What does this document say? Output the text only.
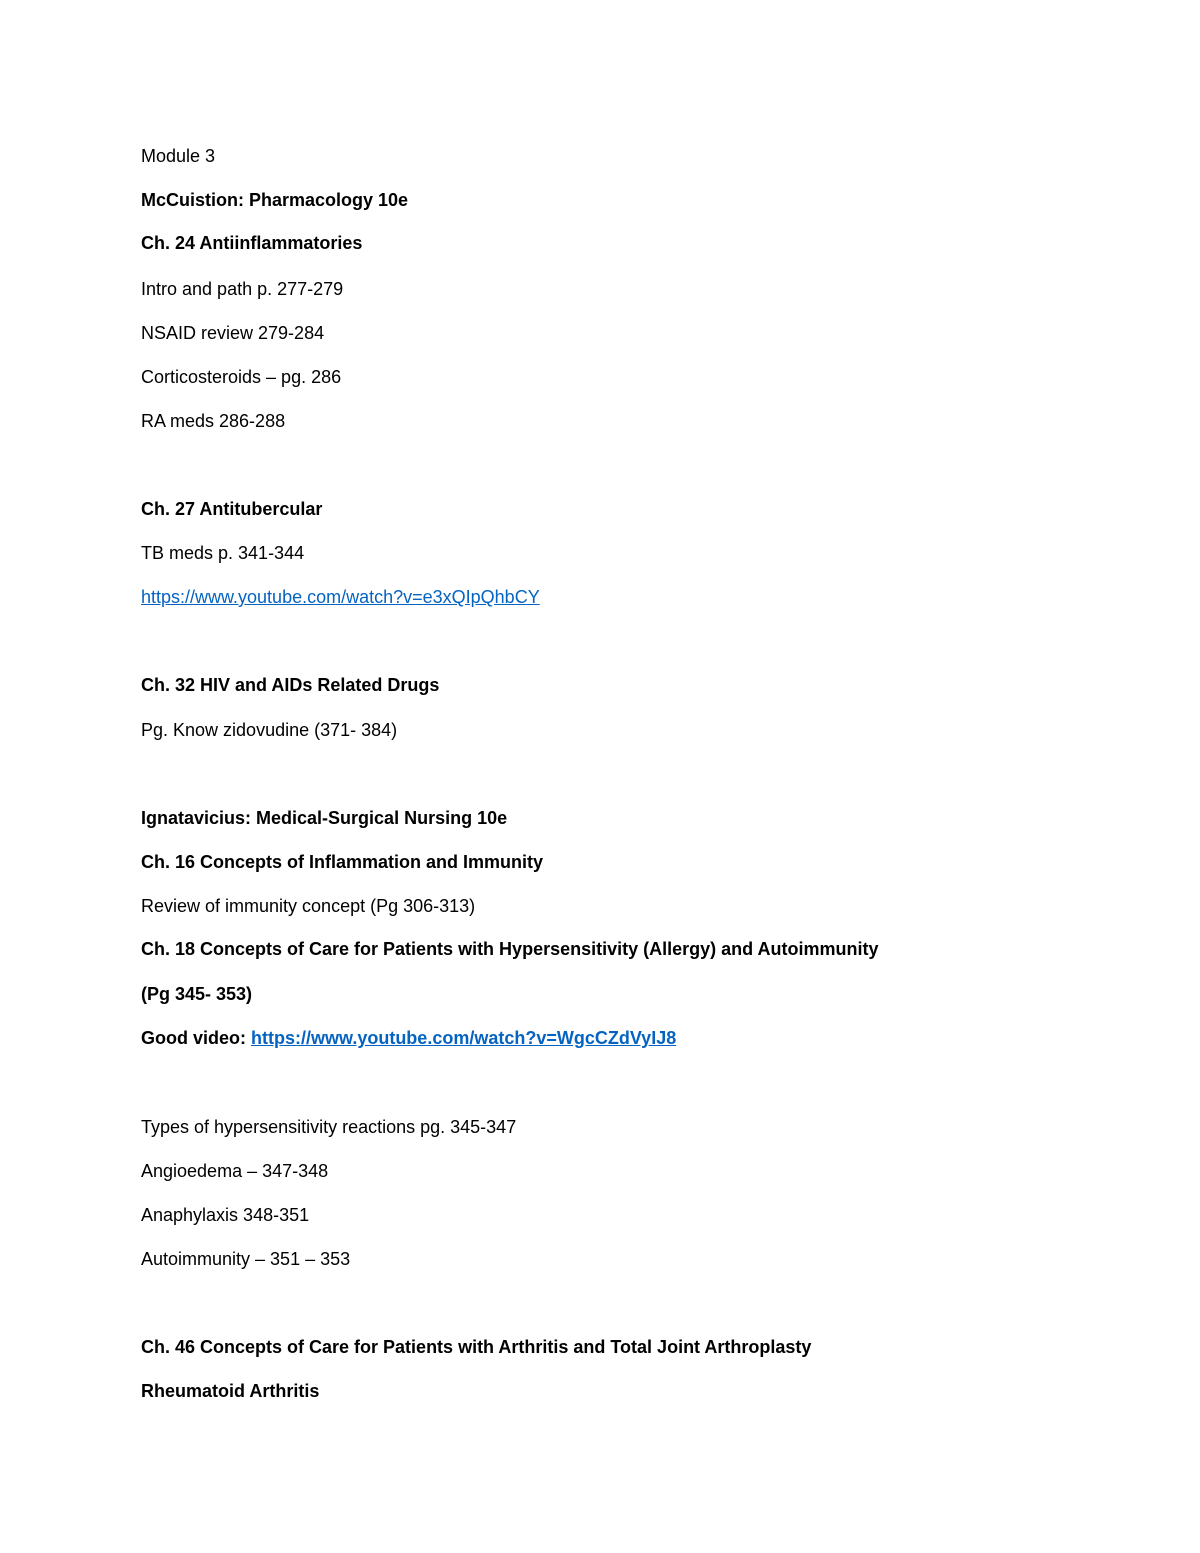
Module 3
McCuistion: Pharmacology 10e
Ch. 24 Antiinflammatories
Intro and path p. 277-279
NSAID review 279-284
Corticosteroids – pg. 286
RA meds 286-288
Ch. 27 Antitubercular
TB meds p. 341-344
https://www.youtube.com/watch?v=e3xQIpQhbCY
Ch. 32 HIV and AIDs Related Drugs
Pg. Know zidovudine (371- 384)
Ignatavicius: Medical-Surgical Nursing 10e
Ch. 16 Concepts of Inflammation and Immunity
Review of immunity concept (Pg 306-313)
Ch. 18 Concepts of Care for Patients with Hypersensitivity (Allergy) and Autoimmunity
(Pg 345- 353)
Good video: https://www.youtube.com/watch?v=WgcCZdVyIJ8
Types of hypersensitivity reactions pg. 345-347
Angioedema – 347-348
Anaphylaxis 348-351
Autoimmunity – 351 – 353
Ch. 46 Concepts of Care for Patients with Arthritis and Total Joint Arthroplasty
Rheumatoid Arthritis
